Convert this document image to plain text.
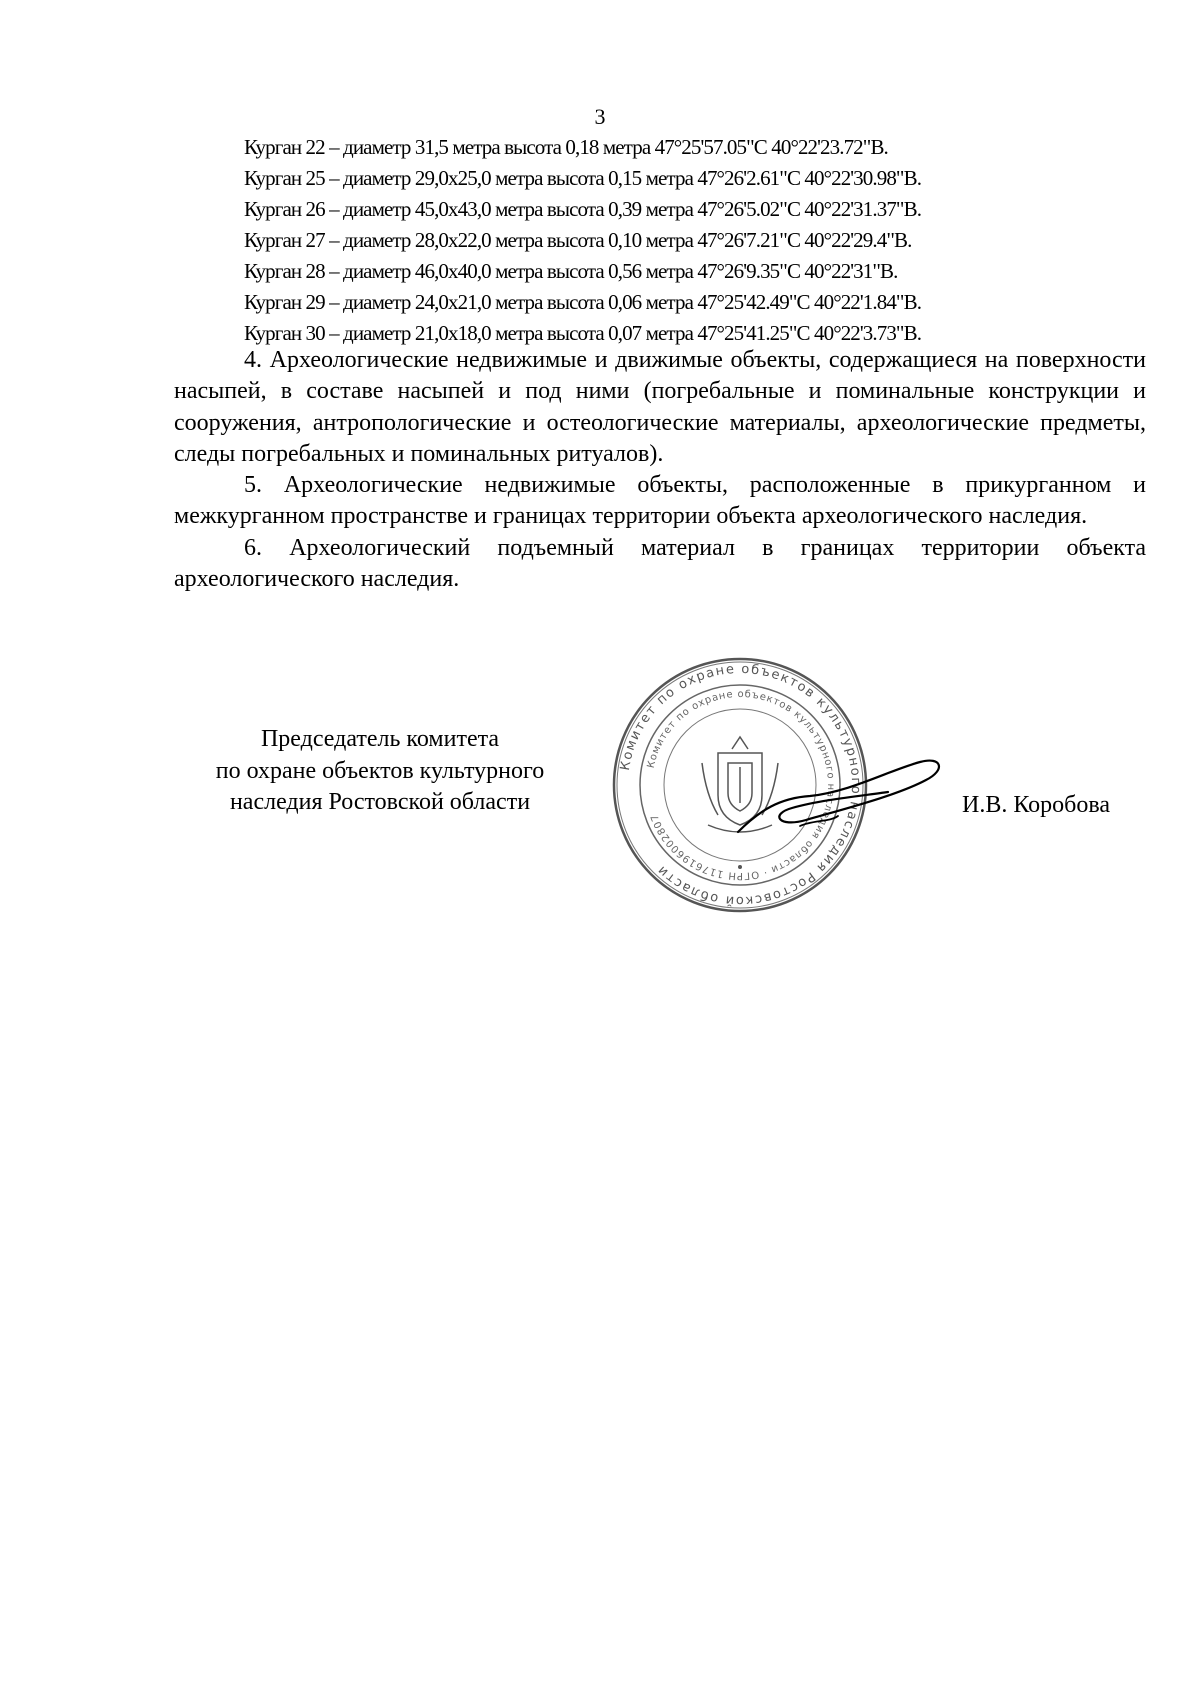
3
Курган 22 – диаметр 31,5 метра высота 0,18 метра 47°25'57.05"С 40°22'23.72"В.
Курган 25 – диаметр 29,0x25,0 метра высота 0,15 метра 47°26'2.61"С 40°22'30.98"В.
Курган 26 – диаметр 45,0x43,0 метра высота 0,39 метра 47°26'5.02"С 40°22'31.37"В.
Курган 27 – диаметр 28,0x22,0 метра высота 0,10 метра 47°26'7.21"С 40°22'29.4"В.
Курган 28 – диаметр 46,0x40,0 метра высота 0,56 метра 47°26'9.35"С 40°22'31"В.
Курган 29 – диаметр 24,0x21,0 метра высота 0,06 метра 47°25'42.49"С 40°22'1.84"В.
Курган 30 – диаметр 21,0x18,0 метра высота 0,07 метра 47°25'41.25"С 40°22'3.73"В.

4. Археологические недвижимые и движимые объекты, содержащиеся на поверхности насыпей, в составе насыпей и под ними (погребальные и поминальные конструкции и сооружения, антропологические и остеологические материалы, археологические предметы, следы погребальных и поминальных ритуалов).

5. Археологические недвижимые объекты, расположенные в прикурганном и межкурганном пространстве и границах территории объекта археологического наследия.

6. Археологический подъемный материал в границах территории объекта археологического наследия.

Председатель комитета
по охране объектов культурного
наследия Ростовской области
Комитет по охране объектов культурного наследия Ростовской области
Комитет по охране объектов культурного наследия области · ОГРН 1176196002807	И.В. Коробова
